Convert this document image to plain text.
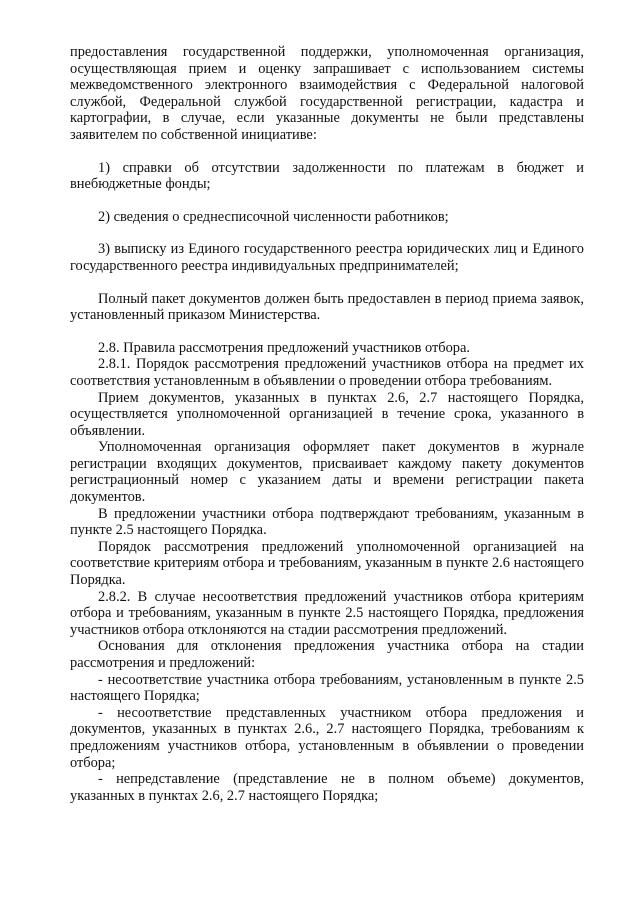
предоставления государственной поддержки, уполномоченная организация, осуществляющая прием и оценку запрашивает с использованием системы межведомственного электронного взаимодействия с Федеральной налоговой службой, Федеральной службой государственной регистрации, кадастра и картографии, в случае, если указанные документы не были представлены заявителем по собственной инициативе:

1) справки об отсутствии задолженности по платежам в бюджет и внебюджетные фонды;

2) сведения о среднесписочной численности работников;

3) выписку из Единого государственного реестра юридических лиц и Единого государственного реестра индивидуальных предпринимателей;

Полный пакет документов должен быть предоставлен в период приема заявок, установленный приказом Министерства.

2.8. Правила рассмотрения предложений участников отбора.

2.8.1. Порядок рассмотрения предложений участников отбора на предмет их соответствия установленным в объявлении о проведении отбора требованиям.

Прием документов, указанных в пунктах 2.6, 2.7 настоящего Порядка, осуществляется уполномоченной организацией в течение срока, указанного в объявлении.

Уполномоченная организация оформляет пакет документов в журнале регистрации входящих документов, присваивает каждому пакету документов регистрационный номер с указанием даты и времени регистрации пакета документов.

В предложении участники отбора подтверждают требованиям, указанным в пункте 2.5 настоящего Порядка.

Порядок рассмотрения предложений уполномоченной организацией на соответствие критериям отбора и требованиям, указанным в пункте 2.6 настоящего Порядка.

2.8.2. В случае несоответствия предложений участников отбора критериям отбора и требованиям, указанным в пункте 2.5 настоящего Порядка, предложения участников отбора отклоняются на стадии рассмотрения предложений.

Основания для отклонения предложения участника отбора на стадии рассмотрения и предложений:

- несоответствие участника отбора требованиям, установленным в пункте 2.5 настоящего Порядка;

- несоответствие представленных участником отбора предложения и документов, указанных в пунктах 2.6., 2.7 настоящего Порядка, требованиям к предложениям участников отбора, установленным в объявлении о проведении отбора;

- непредставление (представление не в полном объеме) документов, указанных в пунктах 2.6, 2.7 настоящего Порядка;
